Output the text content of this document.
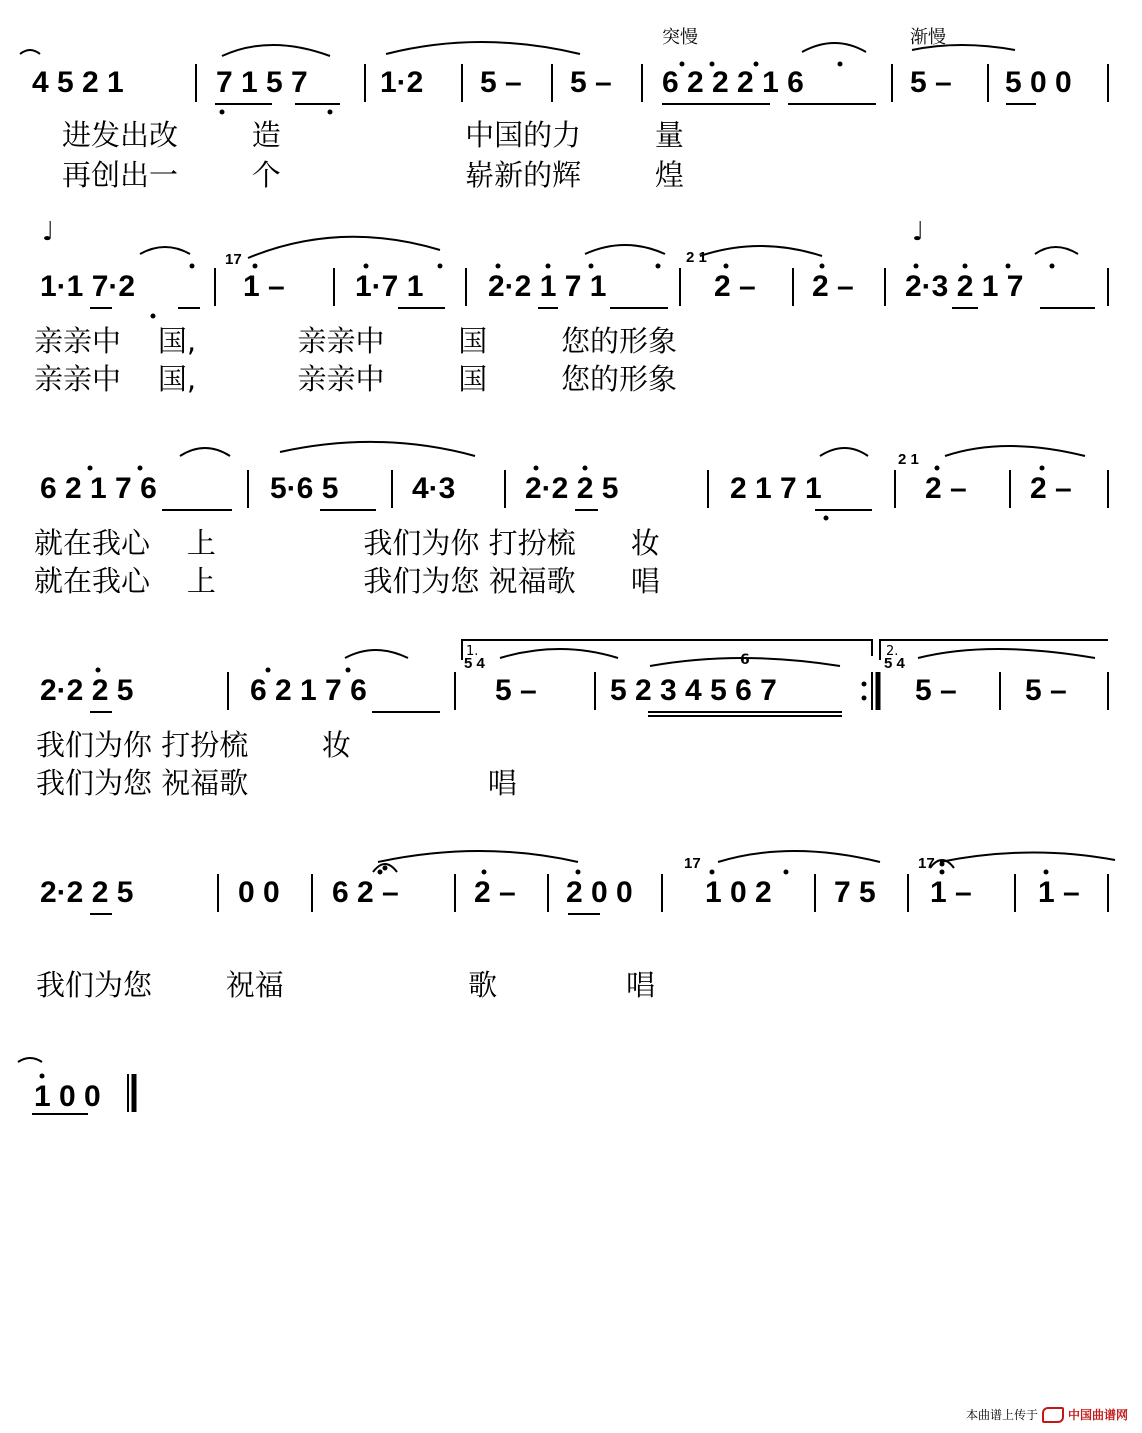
突慢	渐慢
4 5 2 1	7 1 5 7 1·2 5 – 5 – 6 2 2 2 1 6	5 – 5 0 0
进发出改        造                    中国的力        量
再创出一        个                    崭新的辉        煌
♩	♩
17	2 1
1·1 7·2	1 – 1·7 1 2·2 1 7 1	2 – 2 – 2·3 2 1 7
亲亲中    国,           亲亲中        国        您的形象
亲亲中    国,           亲亲中        国        您的形象
2 1
6 2 1 7 6	5·6 5 4·3 2·2 2 5	2 1 7 1	2 – 2 –
就在我心    上                我们为你 打扮梳      妆
就在我心    上                我们为您 祝福歌      唱
1.	2.
5 4	5 4
6
2·2 2 5	6 2 1 7 6	5 – 5 2 3 4 5 6 7	5 – 5 –
我们为你 打扮梳        妆
我们为您 祝福歌                          唱
17	17
2·2 2 5	0 0 6 2 –	2 – 2 0 0 1 0 2 7 5 1 – 1 –
我们为您        祝福                    歌              唱
1 0 0
本曲谱上传于	中国曲谱网
